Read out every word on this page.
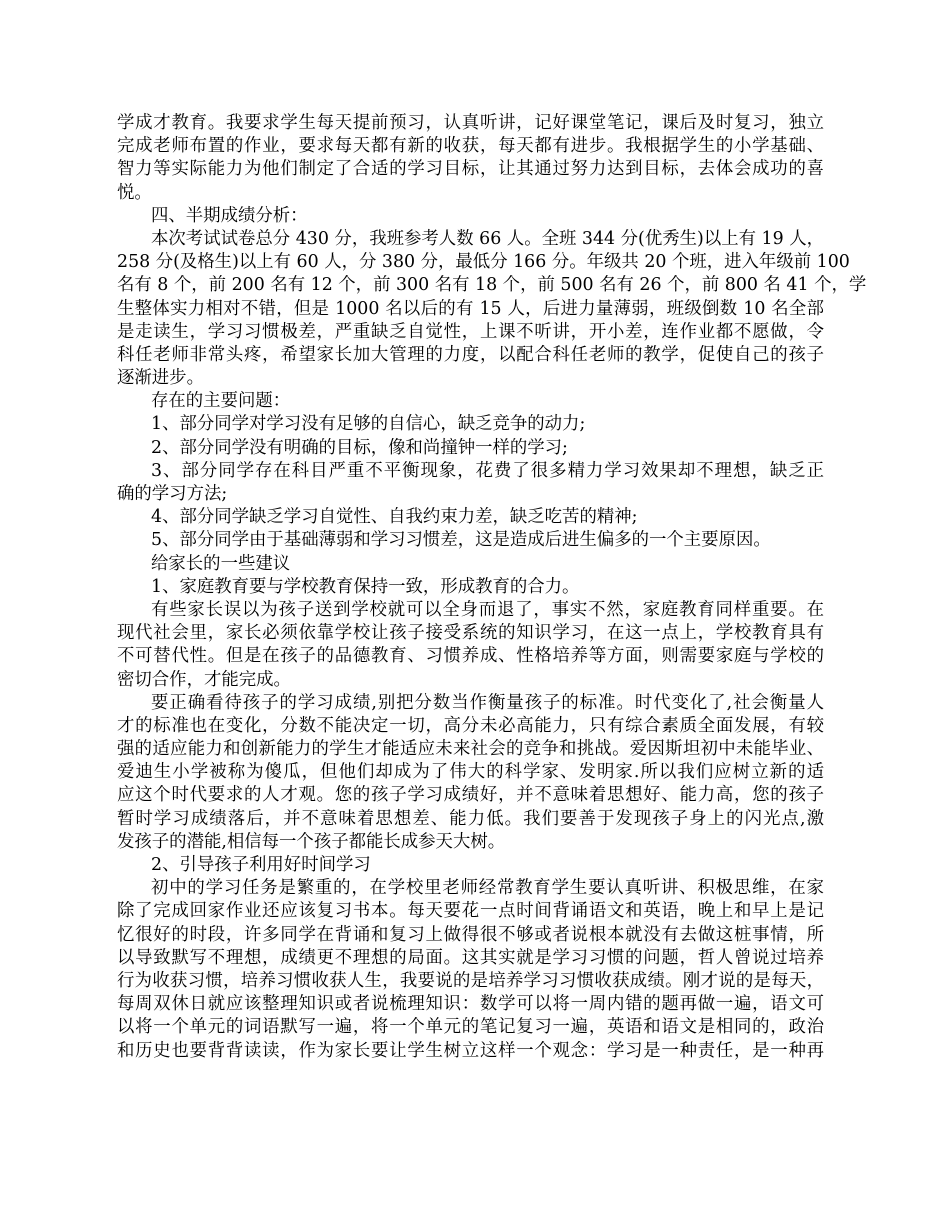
学成才教育。我要求学生每天提前预习，认真听讲，记好课堂笔记，课后及时复习，独立
完成老师布置的作业，要求每天都有新的收获，每天都有进步。我根据学生的小学基础、
智力等实际能力为他们制定了合适的学习目标，让其通过努力达到目标，去体会成功的喜
悦。
四、半期成绩分析：
本次考试试卷总分 430 分，我班参考人数 66 人。全班 344 分(优秀生)以上有 19 人，
258 分(及格生)以上有 60 人，分 380 分，最低分 166 分。年级共 20 个班，进入年级前 100
名有 8 个，前 200 名有 12 个，前 300 名有 18 个，前 500 名有 26 个，前 800 名 41 个，学
生整体实力相对不错，但是 1000 名以后的有 15 人，后进力量薄弱，班级倒数 10 名全部
是走读生，学习习惯极差，严重缺乏自觉性，上课不听讲，开小差，连作业都不愿做，令
科任老师非常头疼，希望家长加大管理的力度，以配合科任老师的教学，促使自己的孩子
逐渐进步。
存在的主要问题：
1、部分同学对学习没有足够的自信心，缺乏竞争的动力;
2、部分同学没有明确的目标，像和尚撞钟一样的学习;
3、部分同学存在科目严重不平衡现象，花费了很多精力学习效果却不理想，缺乏正
确的学习方法;
4、部分同学缺乏学习自觉性、自我约束力差，缺乏吃苦的精神;
5、部分同学由于基础薄弱和学习习惯差，这是造成后进生偏多的一个主要原因。
给家长的一些建议
1、家庭教育要与学校教育保持一致，形成教育的合力。
有些家长误以为孩子送到学校就可以全身而退了，事实不然，家庭教育同样重要。在
现代社会里，家长必须依靠学校让孩子接受系统的知识学习，在这一点上，学校教育具有
不可替代性。但是在孩子的品德教育、习惯养成、性格培养等方面，则需要家庭与学校的
密切合作，才能完成。
要正确看待孩子的学习成绩,别把分数当作衡量孩子的标准。时代变化了,社会衡量人
才的标准也在变化，分数不能决定一切，高分未必高能力，只有综合素质全面发展，有较
强的适应能力和创新能力的学生才能适应未来社会的竞争和挑战。爱因斯坦初中未能毕业、
爱迪生小学被称为傻瓜，但他们却成为了伟大的科学家、发明家.所以我们应树立新的适
应这个时代要求的人才观。您的孩子学习成绩好，并不意味着思想好、能力高，您的孩子
暂时学习成绩落后，并不意味着思想差、能力低。我们要善于发现孩子身上的闪光点,激
发孩子的潜能,相信每一个孩子都能长成参天大树。
2、引导孩子利用好时间学习
初中的学习任务是繁重的，在学校里老师经常教育学生要认真听讲、积极思维，在家
除了完成回家作业还应该复习书本。每天要花一点时间背诵语文和英语，晚上和早上是记
忆很好的时段，许多同学在背诵和复习上做得很不够或者说根本就没有去做这桩事情，所
以导致默写不理想，成绩更不理想的局面。这其实就是学习习惯的问题，哲人曾说过培养
行为收获习惯，培养习惯收获人生，我要说的是培养学习习惯收获成绩。刚才说的是每天，
每周双休日就应该整理知识或者说梳理知识：数学可以将一周内错的题再做一遍，语文可
以将一个单元的词语默写一遍，将一个单元的笔记复习一遍，英语和语文是相同的，政治
和历史也要背背读读，作为家长要让学生树立这样一个观念：学习是一种责任，是一种再
